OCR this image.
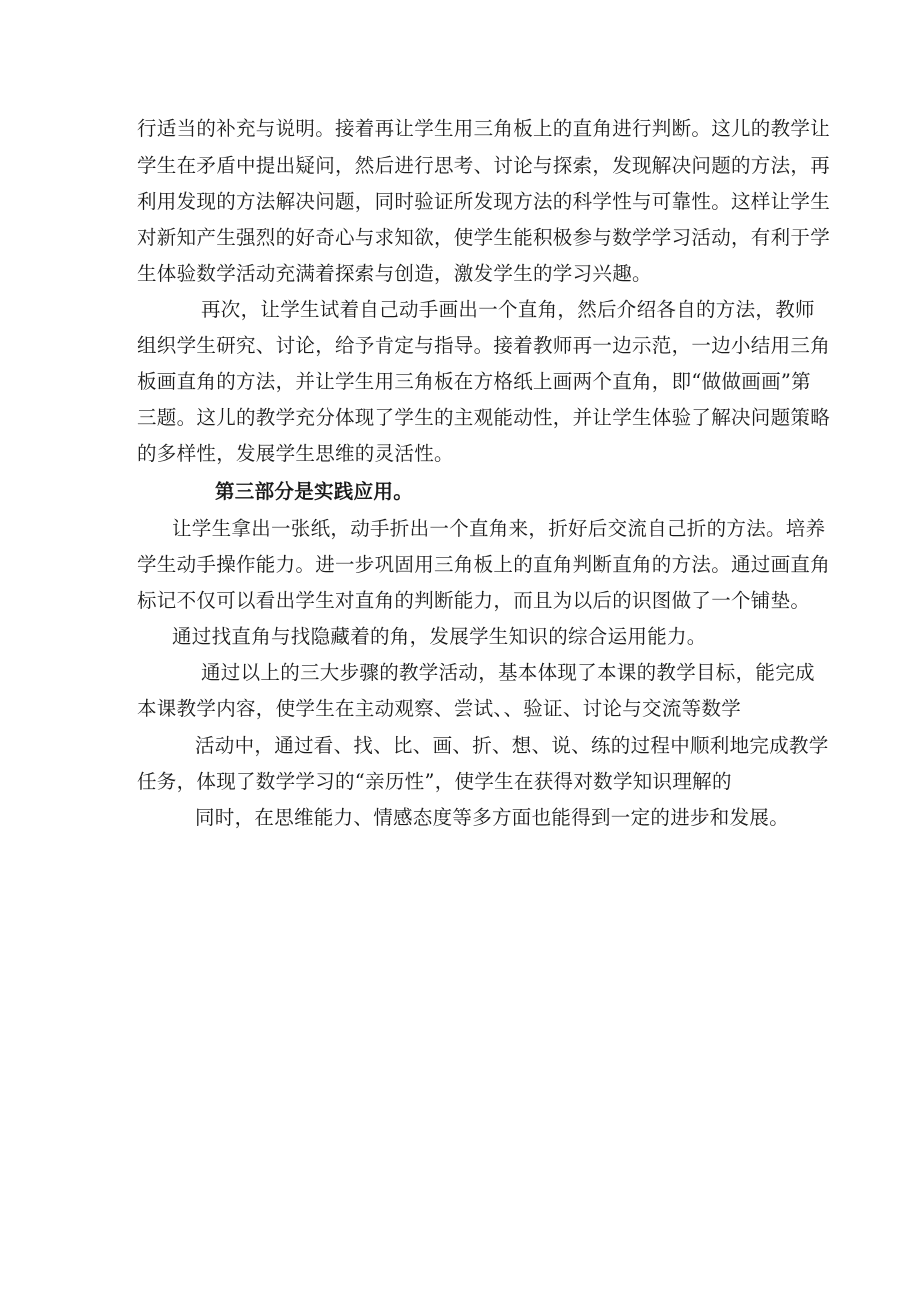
行适当的补充与说明。接着再让学生用三角板上的直角进行判断。这儿的教学让
学生在矛盾中提出疑问，然后进行思考、讨论与探索，发现解决问题的方法，再
利用发现的方法解决问题，同时验证所发现方法的科学性与可靠性。这样让学生
对新知产生强烈的好奇心与求知欲，使学生能积极参与数学学习活动，有利于学
生体验数学活动充满着探索与创造，激发学生的学习兴趣。
再次，让学生试着自己动手画出一个直角，然后介绍各自的方法，教师
组织学生研究、讨论，给予肯定与指导。接着教师再一边示范，一边小结用三角
板画直角的方法，并让学生用三角板在方格纸上画两个直角，即“做做画画”第
三题。这儿的教学充分体现了学生的主观能动性，并让学生体验了解决问题策略
的多样性，发展学生思维的灵活性。
第三部分是实践应用。
让学生拿出一张纸，动手折出一个直角来，折好后交流自己折的方法。培养
学生动手操作能力。进一步巩固用三角板上的直角判断直角的方法。通过画直角
标记不仅可以看出学生对直角的判断能力，而且为以后的识图做了一个铺垫。
通过找直角与找隐藏着的角，发展学生知识的综合运用能力。
通过以上的三大步骤的教学活动，基本体现了本课的教学目标，能完成
本课教学内容，使学生在主动观察、尝试、、验证、讨论与交流等数学
活动中，通过看、找、比、画、折、想、说、练的过程中顺利地完成教学
任务，体现了数学学习的“亲历性”，使学生在获得对数学知识理解的
同时，在思维能力、情感态度等多方面也能得到一定的进步和发展。
